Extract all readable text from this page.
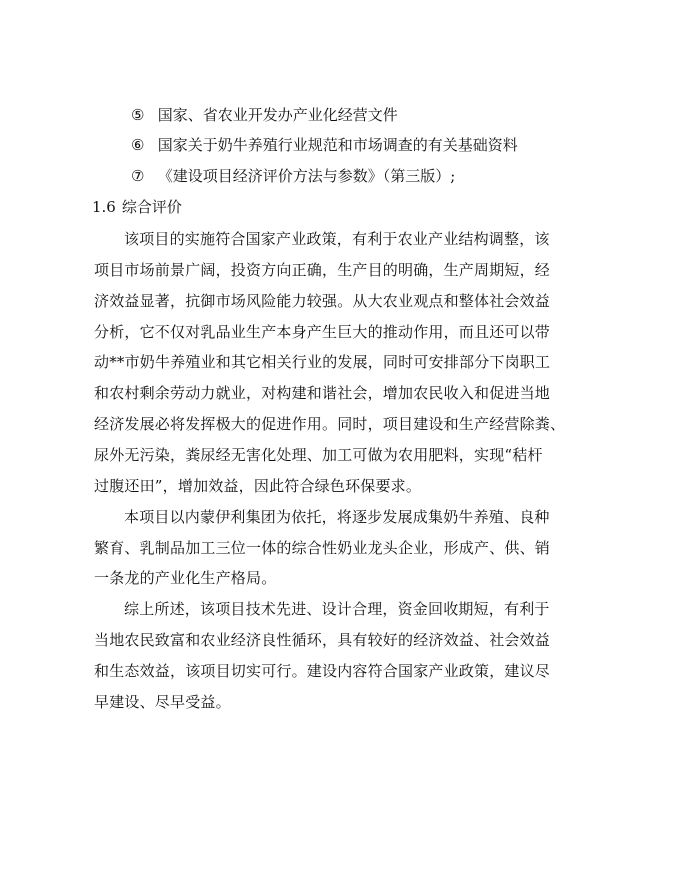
⑤ 国家、省农业开发办产业化经营文件
⑥ 国家关于奶牛养殖行业规范和市场调查的有关基础资料
⑦ 《建设项目经济评价方法与参数》（第三版）;
1.6 综合评价
该项目的实施符合国家产业政策，有利于农业产业结构调整，该
项目市场前景广阔，投资方向正确，生产目的明确，生产周期短，经
济效益显著，抗御市场风险能力较强。从大农业观点和整体社会效益
分析，它不仅对乳品业生产本身产生巨大的推动作用，而且还可以带
动**市奶牛养殖业和其它相关行业的发展，同时可安排部分下岗职工
和农村剩余劳动力就业，对构建和谐社会，增加农民收入和促进当地
经济发展必将发挥极大的促进作用。同时，项目建设和生产经营除粪、
尿外无污染，粪尿经无害化处理、加工可做为农用肥料，实现“秸杆
过腹还田”，增加效益，因此符合绿色环保要求。
本项目以内蒙伊利集团为依托，将逐步发展成集奶牛养殖、良种
繁育、乳制品加工三位一体的综合性奶业龙头企业，形成产、供、销
一条龙的产业化生产格局。
综上所述，该项目技术先进、设计合理，资金回收期短，有利于
当地农民致富和农业经济良性循环，具有较好的经济效益、社会效益
和生态效益，该项目切实可行。建设内容符合国家产业政策，建议尽
早建设、尽早受益。
